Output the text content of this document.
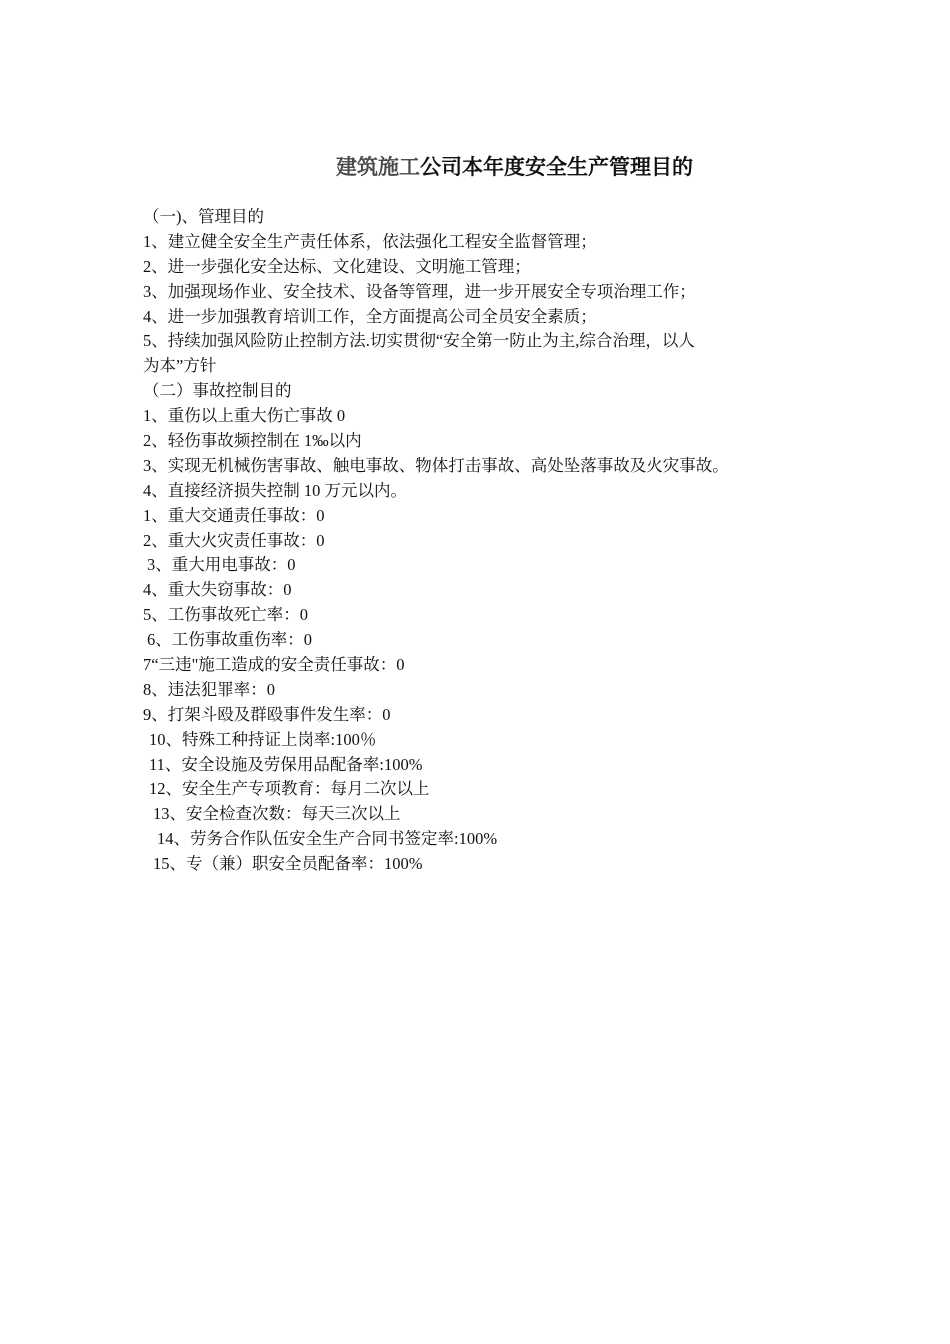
建筑施工公司本年度安全生产管理目的
（一)、管理目的
1、建立健全安全生产责任体系，依法强化工程安全监督管理；
2、进一步强化安全达标、文化建设、文明施工管理；
3、加强现场作业、安全技术、设备等管理，进一步开展安全专项治理工作；
4、进一步加强教育培训工作，全方面提高公司全员安全素质；
5、持续加强风险防止控制方法.切实贯彻“安全第一防止为主,综合治理，以人
为本”方针
（二）事故控制目的
1、重伤以上重大伤亡事故 0
2、轻伤事故频控制在 1‰以内
3、实现无机械伤害事故、触电事故、物体打击事故、高处坠落事故及火灾事故。
4、直接经济损失控制 10 万元以内。
1、重大交通责任事故：0
2、重大火灾责任事故：0
3、重大用电事故：0
4、重大失窃事故：0
5、工伤事故死亡率：0
6、工伤事故重伤率：0
7“三违"施工造成的安全责任事故：0
8、违法犯罪率：0
9、打架斗殴及群殴事件发生率：0
10、特殊工种持证上岗率:100％
11、安全设施及劳保用品配备率:100%
12、安全生产专项教育：每月二次以上
13、安全检查次数：每天三次以上
14、劳务合作队伍安全生产合同书签定率:100%
15、专（兼）职安全员配备率：100%
